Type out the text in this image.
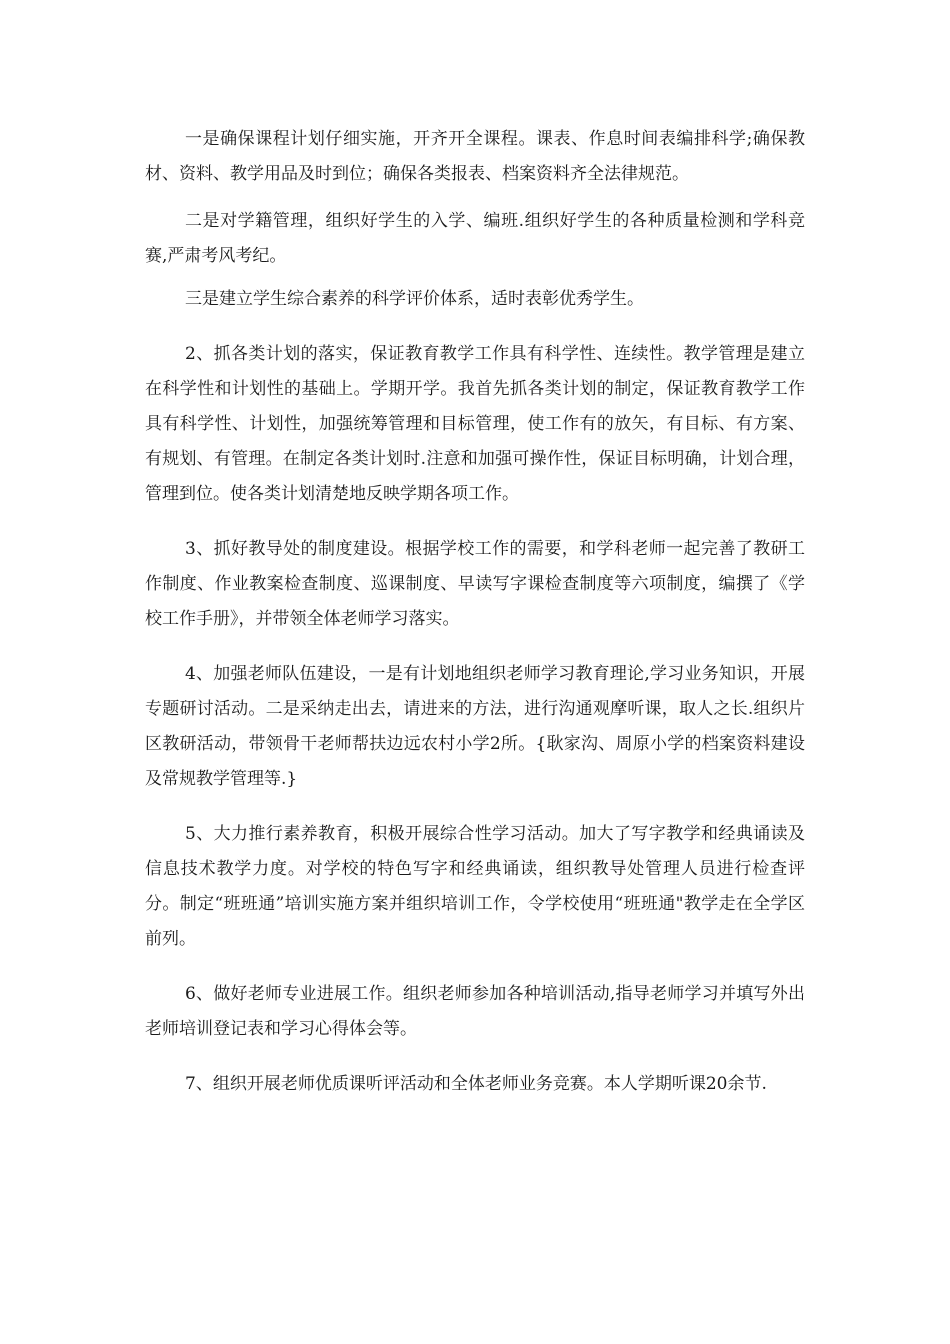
一是确保课程计划仔细实施，开齐开全课程。课表、作息时间表编排科学;确保教材、资料、教学用品及时到位；确保各类报表、档案资料齐全法律规范。

二是对学籍管理，组织好学生的入学、编班.组织好学生的各种质量检测和学科竞赛,严肃考风考纪。

三是建立学生综合素养的科学评价体系，适时表彰优秀学生。

2、抓各类计划的落实，保证教育教学工作具有科学性、连续性。教学管理是建立在科学性和计划性的基础上。学期开学。我首先抓各类计划的制定，保证教育教学工作具有科学性、计划性，加强统筹管理和目标管理，使工作有的放矢，有目标、有方案、有规划、有管理。在制定各类计划时.注意和加强可操作性，保证目标明确，计划合理，管理到位。使各类计划清楚地反映学期各项工作。

3、抓好教导处的制度建设。根据学校工作的需要，和学科老师一起完善了教研工作制度、作业教案检查制度、巡课制度、早读写字课检查制度等六项制度，编撰了《学校工作手册》，并带领全体老师学习落实。

4、加强老师队伍建设，一是有计划地组织老师学习教育理论,学习业务知识，开展专题研讨活动。二是采纳走出去，请进来的方法，进行沟通观摩听课，取人之长.组织片区教研活动，带领骨干老师帮扶边远农村小学2所。{耿家沟、周原小学的档案资料建设及常规教学管理等.}

5、大力推行素养教育，积极开展综合性学习活动。加大了写字教学和经典诵读及信息技术教学力度。对学校的特色写字和经典诵读，组织教导处管理人员进行检查评分。制定“班班通”培训实施方案并组织培训工作，令学校使用“班班通"教学走在全学区前列。

6、做好老师专业进展工作。组织老师参加各种培训活动,指导老师学习并填写外出老师培训登记表和学习心得体会等。

7、组织开展老师优质课听评活动和全体老师业务竞赛。本人学期听课20余节.
